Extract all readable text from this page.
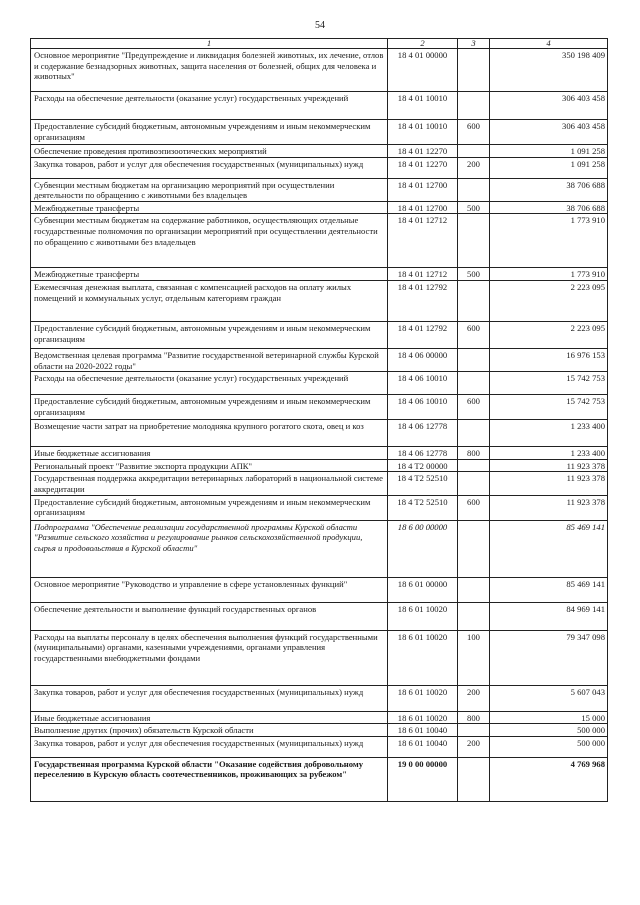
54
1	2	3	4
Основное мероприятие "Предупреждение и ликвидация болезней животных, их лечение, отлов и содержание безнадзорных животных, защита населения от болезней, общих для человека и животных"	18 4 01 00000		350 198 409
Расходы на обеспечение деятельности (оказание услуг) государственных учреждений	18 4 01 10010		306 403 458
Предоставление субсидий бюджетным, автономным учреждениям и иным некоммерческим организациям	18 4 01 10010	600	306 403 458
Обеспечение проведения противоэпизоотических мероприятий	18 4 01 12270		1 091 258
Закупка товаров, работ и услуг для обеспечения государственных (муниципальных) нужд	18 4 01 12270	200	1 091 258
Субвенции местным бюджетам на организацию мероприятий при осуществлении деятельности по обращению с животными без владельцев	18 4 01 12700		38 706 688
Межбюджетные трансферты	18 4 01 12700	500	38 706 688
Субвенции местным бюджетам на содержание работников, осуществляющих отдельные государственные полномочия по организации мероприятий при осуществлении деятельности по обращению с животными без владельцев	18 4 01 12712		1 773 910
Межбюджетные трансферты	18 4 01 12712	500	1 773 910
Ежемесячная денежная выплата, связанная с компенсацией расходов на оплату жилых помещений и коммунальных услуг, отдельным категориям граждан	18 4 01 12792		2 223 095
Предоставление субсидий бюджетным, автономным учреждениям и иным некоммерческим организациям	18 4 01 12792	600	2 223 095
Ведомственная целевая программа "Развитие государственной ветеринарной службы Курской области на 2020-2022 годы"	18 4 06 00000		16 976 153
Расходы на обеспечение деятельности (оказание услуг) государственных учреждений	18 4 06 10010		15 742 753
Предоставление субсидий бюджетным, автономным учреждениям и иным некоммерческим организациям	18 4 06 10010	600	15 742 753
Возмещение части затрат на приобретение молодняка крупного рогатого скота, овец и коз	18 4 06 12778		1 233 400
Иные бюджетные ассигнования	18 4 06 12778	800	1 233 400
Региональный проект "Развитие экспорта продукции АПК"	18 4 T2 00000		11 923 378
Государственная поддержка аккредитации ветеринарных лабораторий в национальной системе аккредитации	18 4 T2 52510		11 923 378
Предоставление субсидий бюджетным, автономным учреждениям и иным некоммерческим организациям	18 4 T2 52510	600	11 923 378
Подпрограмма "Обеспечение реализации государственной программы Курской области "Развитие сельского хозяйства и регулирование рынков сельскохозяйственной продукции, сырья и продовольствия в Курской области"	18 6 00 00000		85 469 141
Основное мероприятие "Руководство и управление в сфере установленных функций"	18 6 01 00000		85 469 141
Обеспечение деятельности и выполнение функций государственных органов	18 6 01 10020		84 969 141
Расходы на выплаты персоналу в целях обеспечения выполнения функций государственными (муниципальными) органами, казенными учреждениями, органами управления государственными внебюджетными фондами	18 6 01 10020	100	79 347 098
Закупка товаров, работ и услуг для обеспечения государственных (муниципальных) нужд	18 6 01 10020	200	5 607 043
Иные бюджетные ассигнования	18 6 01 10020	800	15 000
Выполнение других (прочих) обязательств Курской области	18 6 01 10040		500 000
Закупка товаров, работ и услуг для обеспечения государственных (муниципальных) нужд	18 6 01 10040	200	500 000
Государственная программа Курской области "Оказание содействия добровольному переселению в Курскую область соотечественников, проживающих за рубежом"	19 0 00 00000		4 769 968
